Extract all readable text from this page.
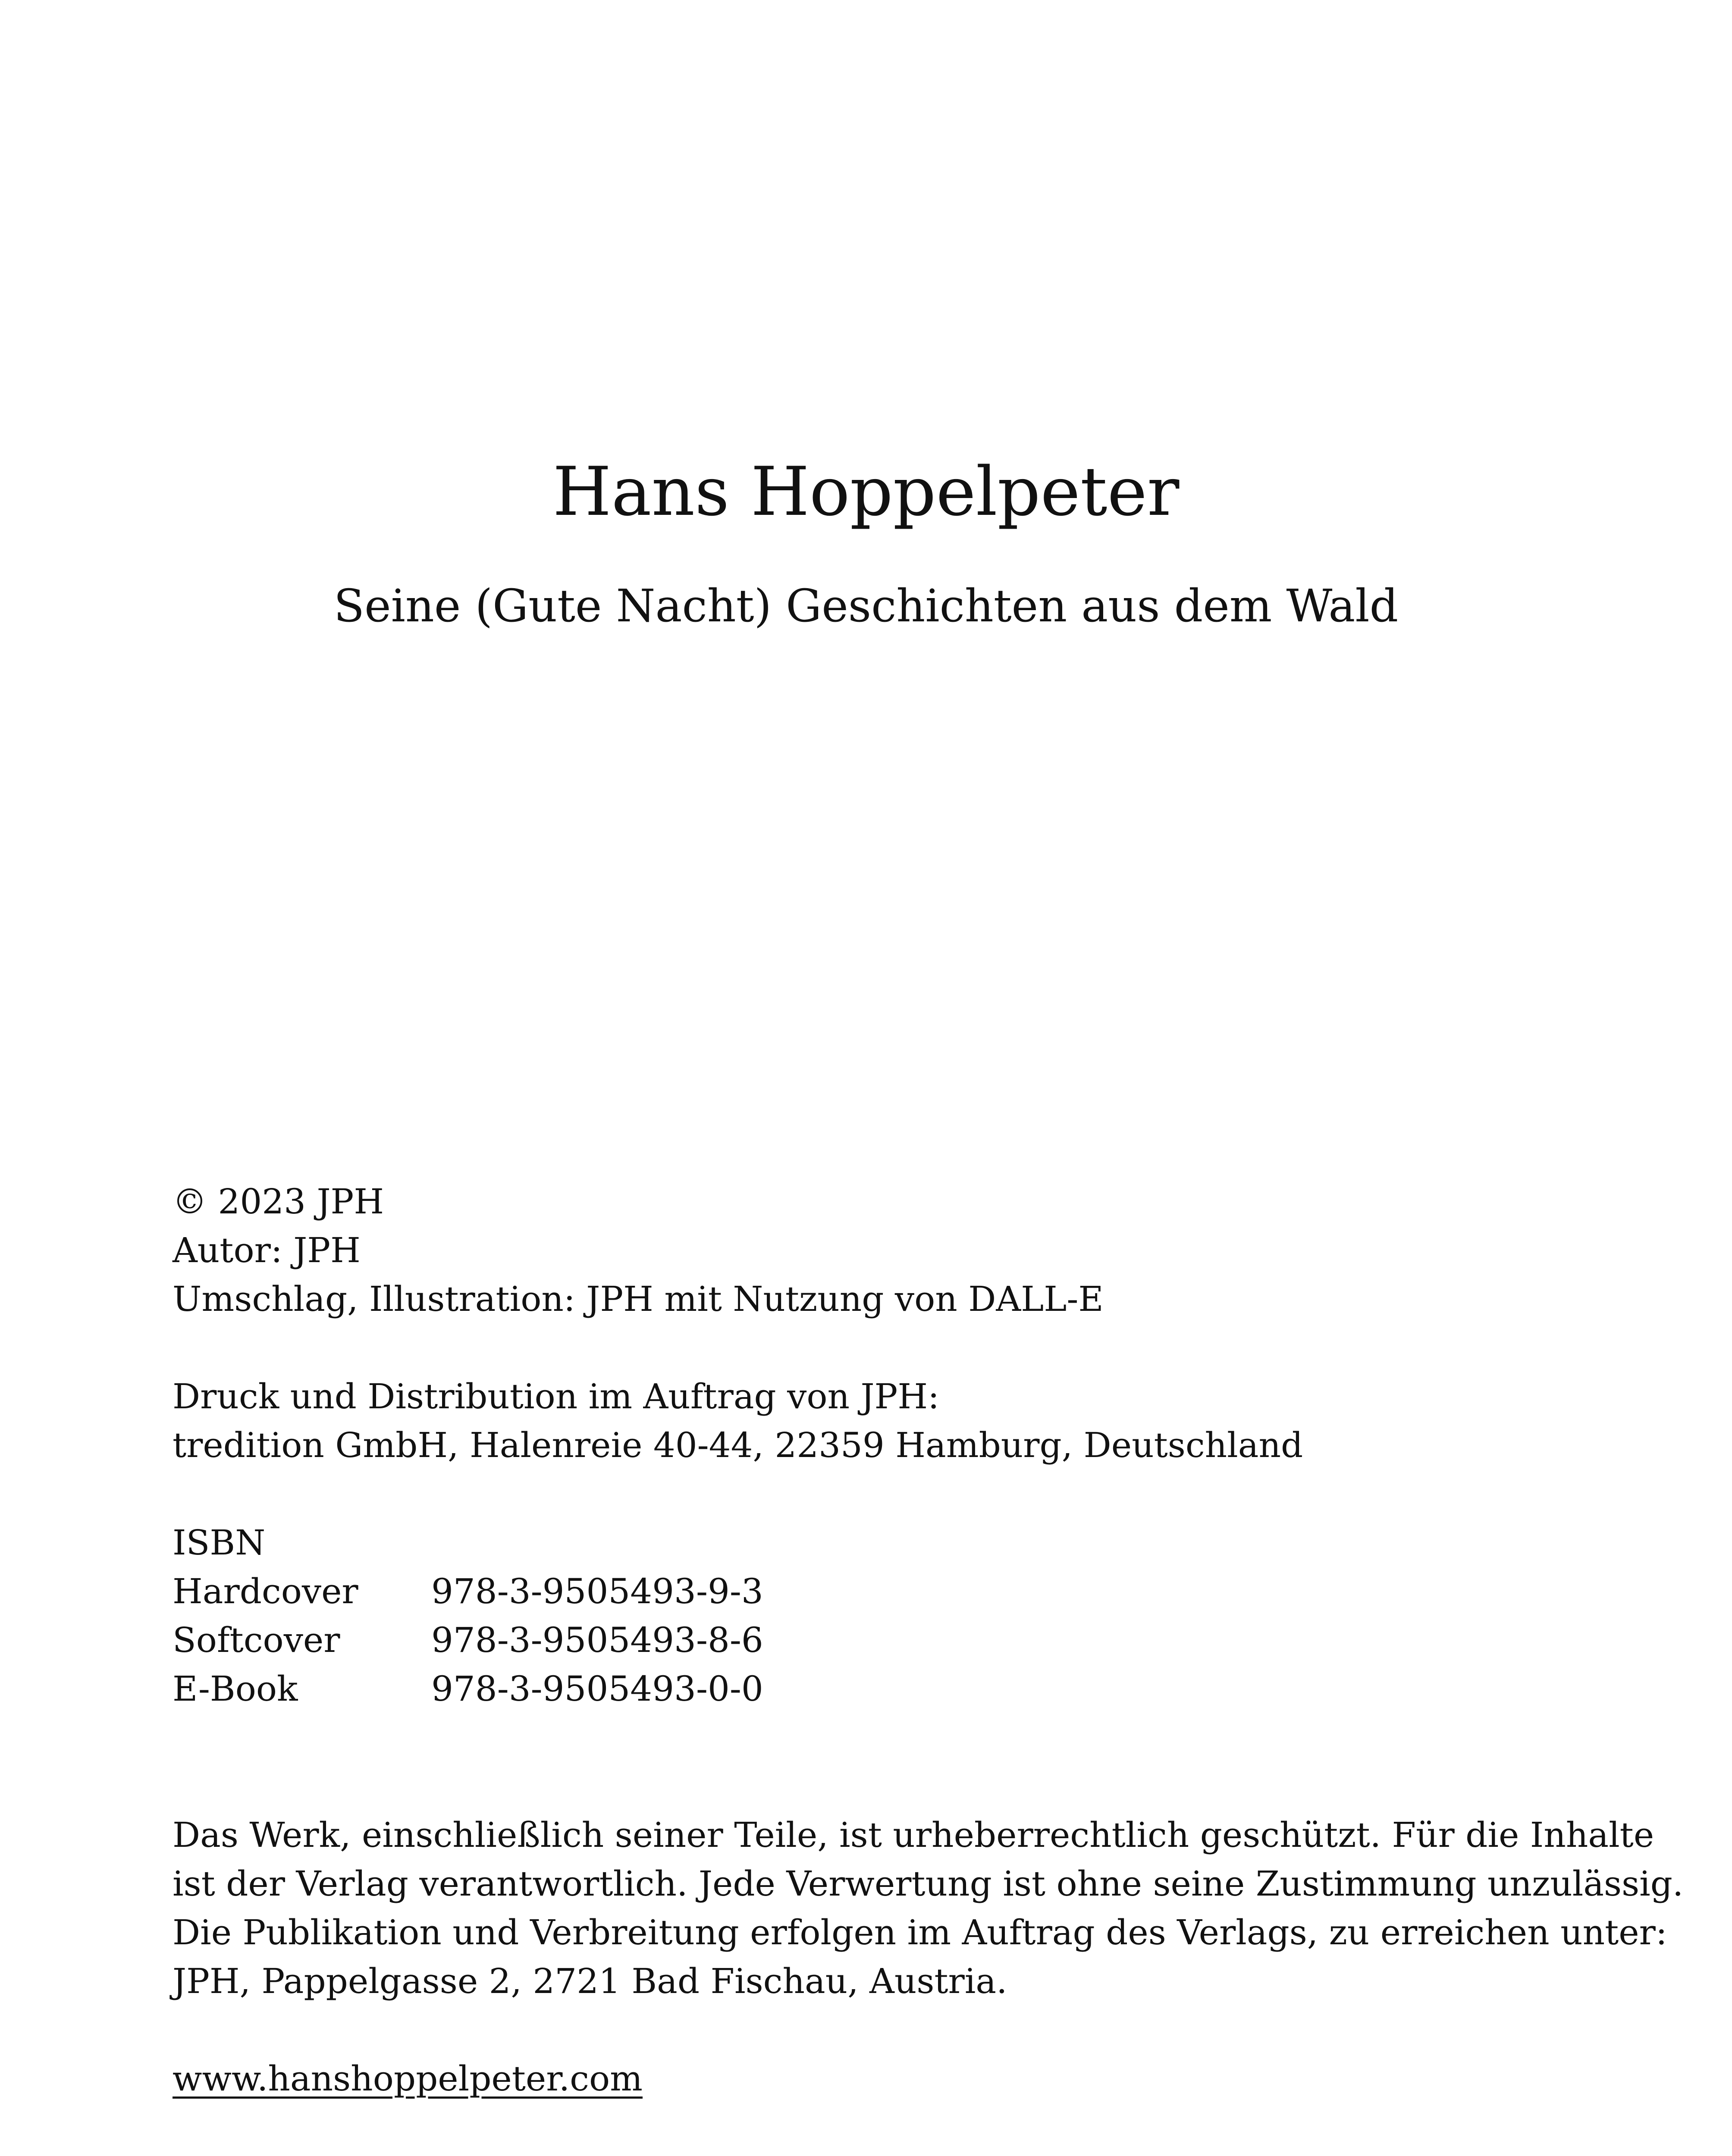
Hans Hoppelpeter

Seine (Gute Nacht) Geschichten aus dem Wald

© 2023 JPH
Autor: JPH
Umschlag, Illustration: JPH mit Nutzung von DALL-E
Druck und Distribution im Auftrag von JPH:
tredition GmbH, Halenreie 40-44, 22359 Hamburg, Deutschland
ISBN
Hardcover	978-3-9505493-9-3
Softcover	978-3-9505493-8-6
E-Book	978-3-9505493-0-0
Das Werk, einschließlich seiner Teile, ist urheberrechtlich geschützt. Für die Inhalte
ist der Verlag verantwortlich. Jede Verwertung ist ohne seine Zustimmung unzulässig.
Die Publikation und Verbreitung erfolgen im Auftrag des Verlags, zu erreichen unter:
JPH, Pappelgasse 2, 2721 Bad Fischau, Austria.
www.hanshoppelpeter.com
